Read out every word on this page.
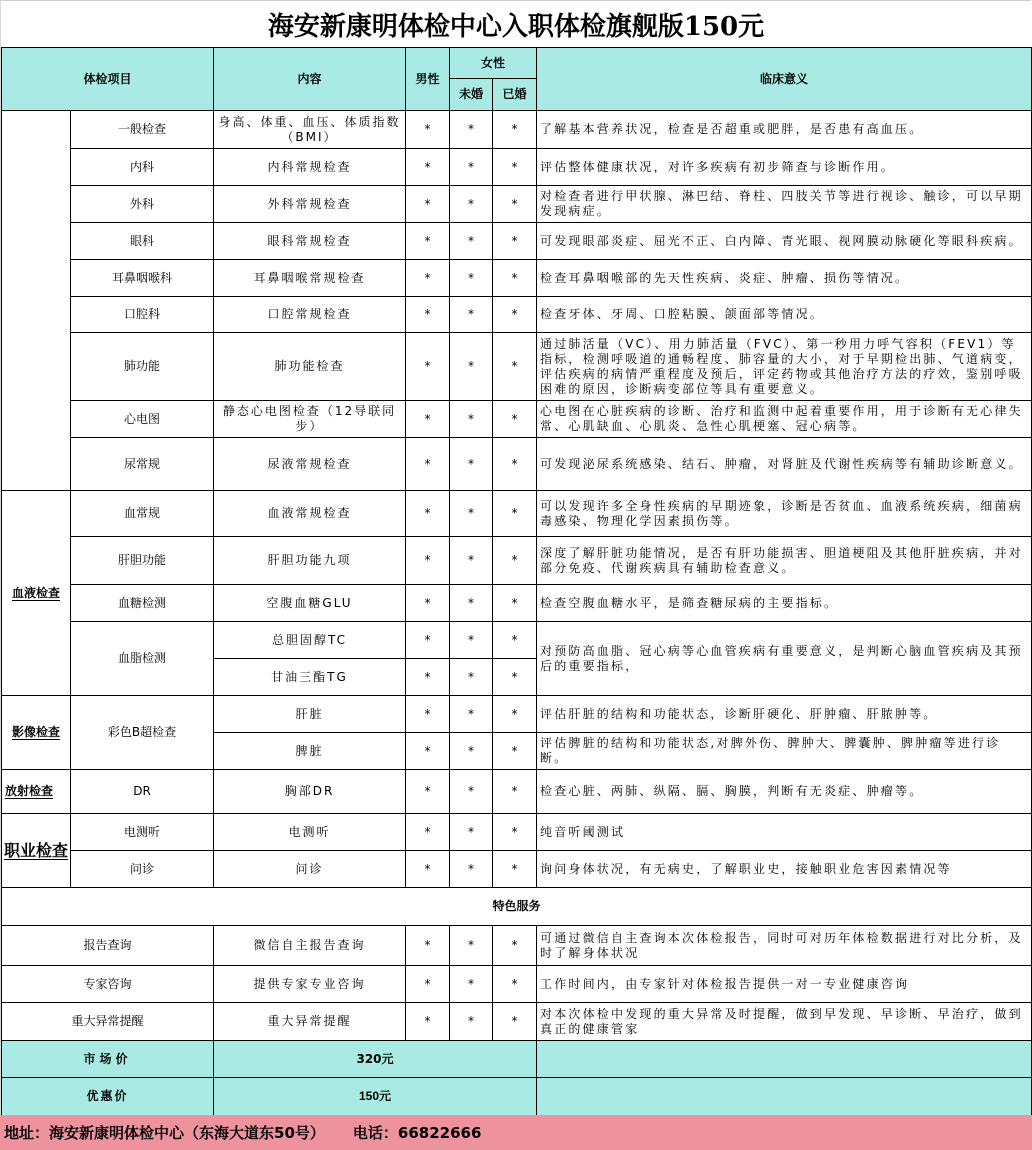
海安新康明体检中心入职体检旗舰版150元
体检项目		内容	男性	女性		临床意义
				未婚	已婚	
	一般检查	身高、体重、血压、体质指数（BMI）	*	*	*	了解基本营养状况，检查是否超重或肥胖，是否患有高血压。
	内科	内科常规检查	*	*	*	评估整体健康状况，对许多疾病有初步筛查与诊断作用。
	外科	外科常规检查	*	*	*	对检查者进行甲状腺、淋巴结、脊柱、四肢关节等进行视诊、触诊，可以早期发现病症。
	眼科	眼科常规检查	*	*	*	可发现眼部炎症、屈光不正、白内障、青光眼、视网膜动脉硬化等眼科疾病。
	耳鼻咽喉科	耳鼻咽喉常规检查	*	*	*	检查耳鼻咽喉部的先天性疾病、炎症、肿瘤、损伤等情况。
	口腔科	口腔常规检查	*	*	*	检查牙体、牙周、口腔粘膜、颌面部等情况。
	肺功能	肺功能检查	*	*	*	通过肺活量（VC）、用力肺活量（FVC）、第一秒用力呼气容积（FEV1）等指标，检测呼吸道的通畅程度、肺容量的大小，对于早期检出肺、气道病变，评估疾病的病情严重程度及预后，评定药物或其他治疗方法的疗效，鉴别呼吸困难的原因，诊断病变部位等具有重要意义。
	心电图	静态心电图检查（12导联同步）	*	*	*	心电图在心脏疾病的诊断、治疗和监测中起着重要作用，用于诊断有无心律失常、心肌缺血、心肌炎、急性心肌梗塞、冠心病等。
	尿常规	尿液常规检查	*	*	*	可发现泌尿系统感染、结石、肿瘤，对肾脏及代谢性疾病等有辅助诊断意义。
血液检查	血常规	血液常规检查	*	*	*	可以发现许多全身性疾病的早期迹象，诊断是否贫血、血液系统疾病，细菌病毒感染、物理化学因素损伤等。
	肝胆功能	肝胆功能九项	*	*	*	深度了解肝脏功能情况，是否有肝功能损害、胆道梗阻及其他肝脏疾病，并对部分免疫、代谢疾病具有辅助检查意义。
	血糖检测	空腹血糖GLU	*	*	*	检查空腹血糖水平，是筛查糖尿病的主要指标。
	血脂检测	总胆固醇TC	*	*	*	对预防高血脂、冠心病等心血管疾病有重要意义，是判断心脑血管疾病及其预后的重要指标，
		甘油三酯TG	*	*	*	
影像检查	彩色B超检查	肝脏	*	*	*	评估肝脏的结构和功能状态，诊断肝硬化、肝肿瘤、肝脓肿等。
		脾脏	*	*	*	评估脾脏的结构和功能状态,对脾外伤、脾肿大、脾囊肿、脾肿瘤等进行诊断。
放射检查	DR	胸部DR	*	*	*	检查心脏、两肺、纵隔、膈、胸膜，判断有无炎症、肿瘤等。
职业检查	电测听	电测听	*	*	*	纯音听阈测试
	问诊	问诊	*	*	*	询问身体状况，有无病史，了解职业史，接触职业危害因素情况等
特色服务						
报告查询		微信自主报告查询	*	*	*	可通过微信自主查询本次体检报告，同时可对历年体检数据进行对比分析，及时了解身体状况
专家咨询		提供专家专业咨询	*	*	*	工作时间内，由专家针对体检报告提供一对一专业健康咨询
重大异常提醒		重大异常提醒	*	*	*	对本次体检中发现的重大异常及时提醒，做到早发现、早诊断、早治疗，做到真正的健康管家
市场价		320元				
优惠价		150元				
地址：海安新康明体检中心（东海大道东50号） 电话：66822666
